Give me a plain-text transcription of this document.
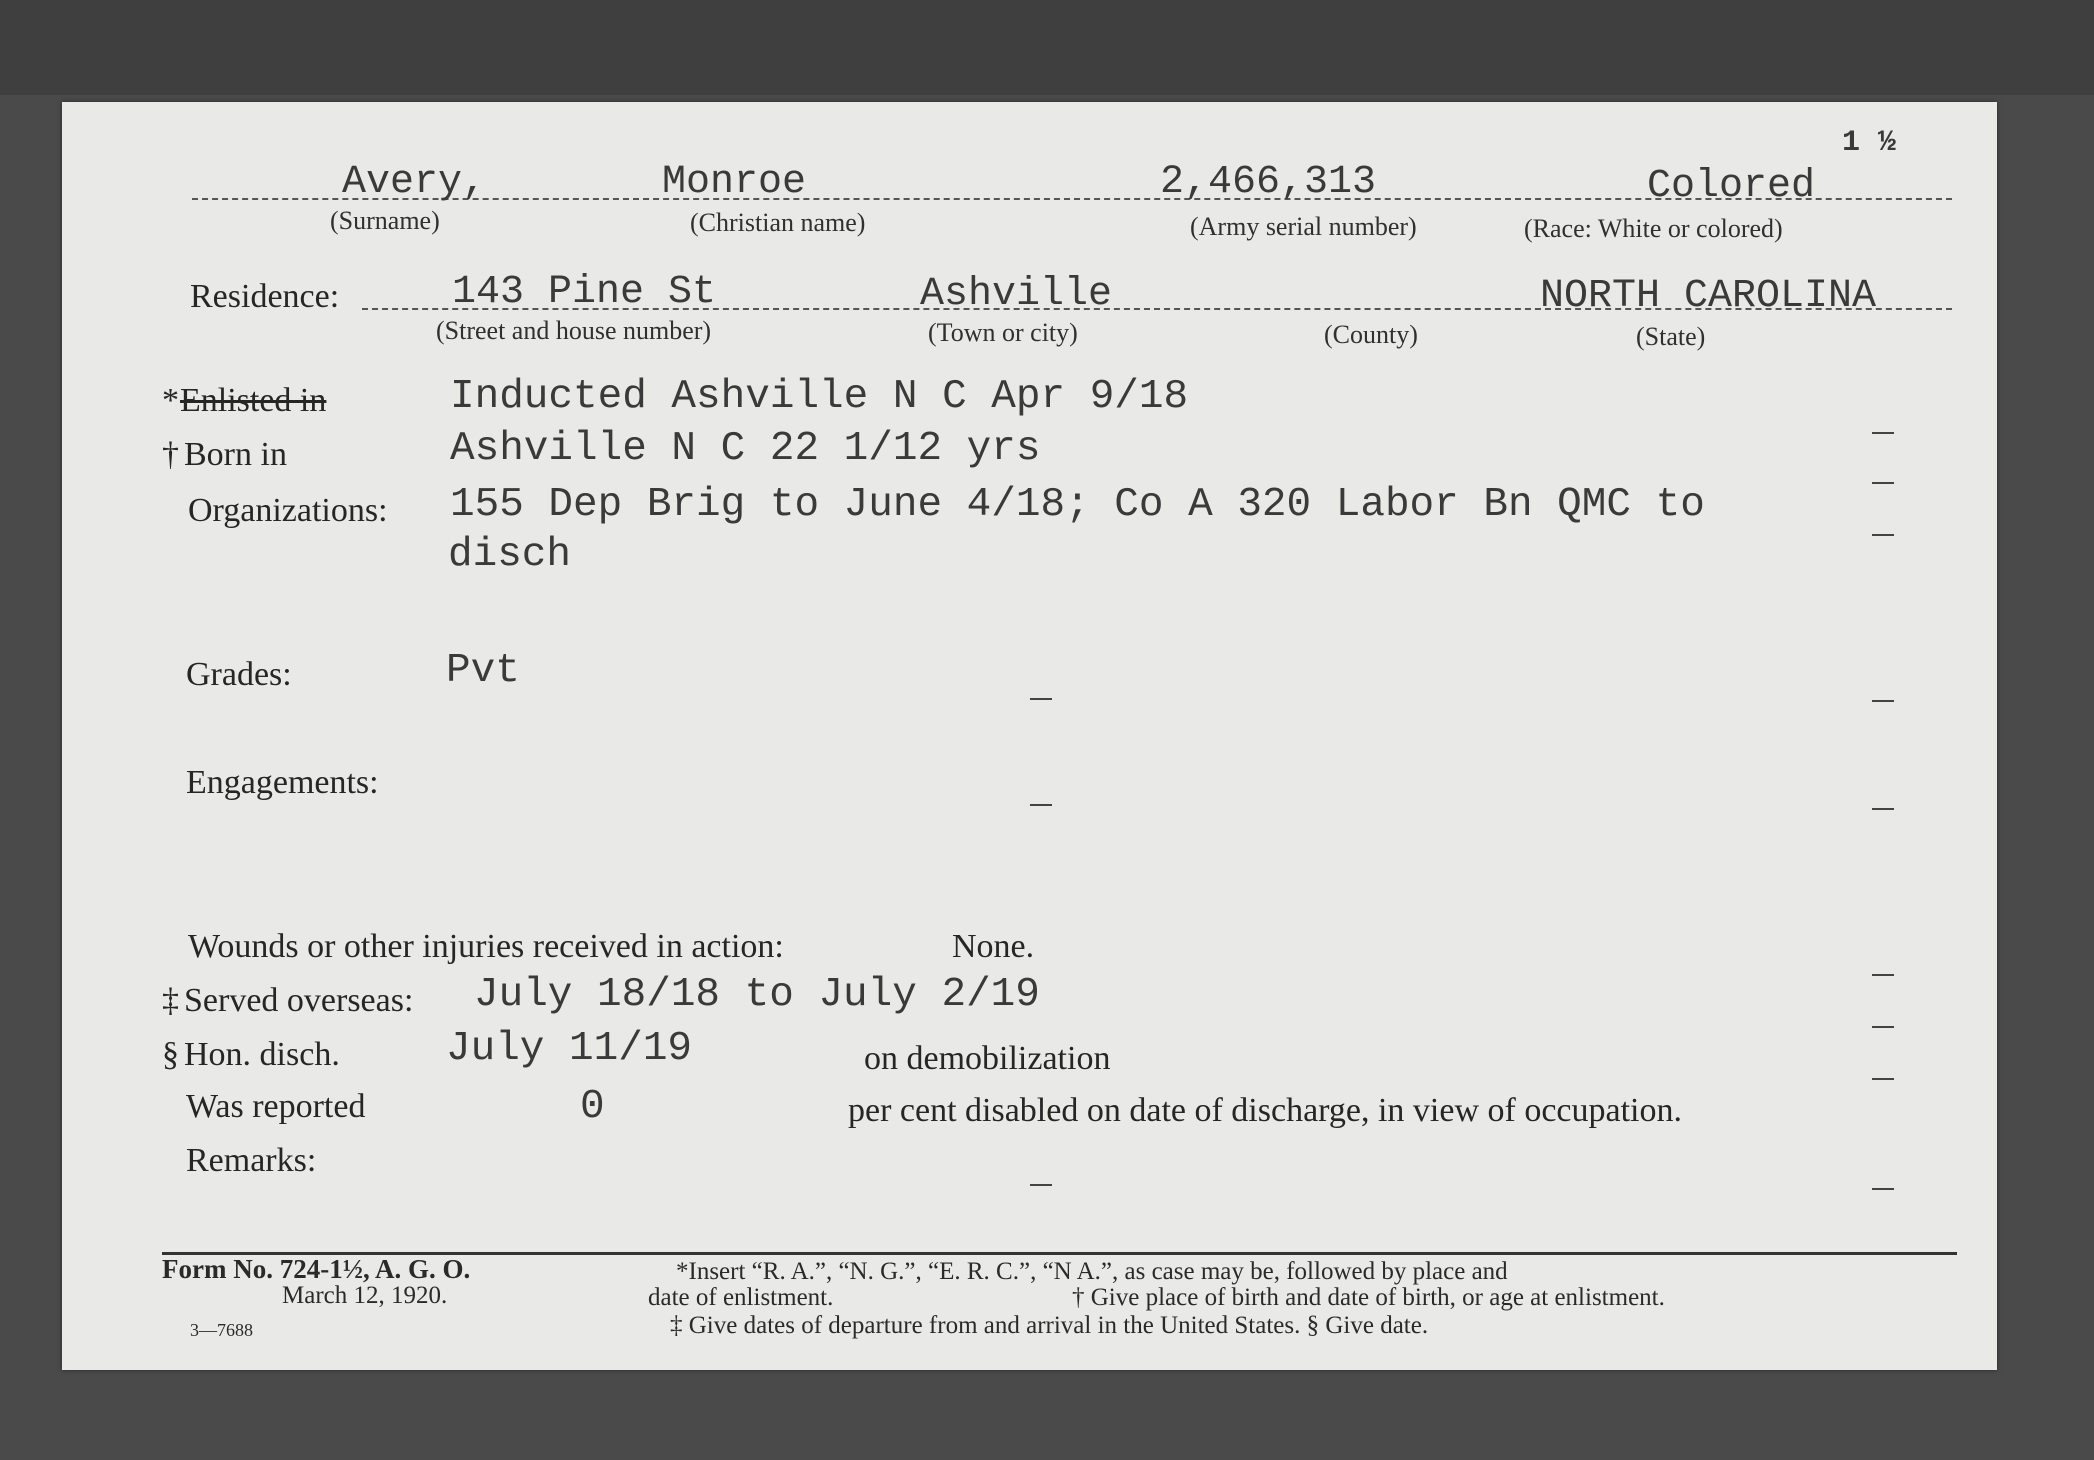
1 ½
Avery,	Monroe	2,466,313	Colored
(Surname)	(Christian name)	(Army serial number)	(Race: White or colored)
Residence:	143 Pine St	Ashville	NORTH CAROLINA
(Street and house number)	(Town or city)	(County)	(State)
* Enlisted in	Inducted Ashville N C Apr 9/18
† Born in	Ashville N C 22 1/12 yrs
Organizations: 155 Dep Brig to June 4/18; Co A 320 Labor Bn QMC to
disch
Grades:	Pvt
Engagements:
Wounds or other injuries received in action:	None.
‡ Served overseas: July 18/18 to July 2/19
§ Hon. disch.	July 11/19	on demobilization
Was reported	0	per cent disabled on date of discharge, in view of occupation.
Remarks:
Form No. 724-1½, A. G. O.
March 12, 1920.
3—7688
*Insert “R. A.”, “N. G.”, “E. R. C.”, “N A.”, as case may be, followed by place and
date of enlistment.	† Give place of birth and date of birth, or age at enlistment.
‡ Give dates of departure from and arrival in the United States. § Give date.
